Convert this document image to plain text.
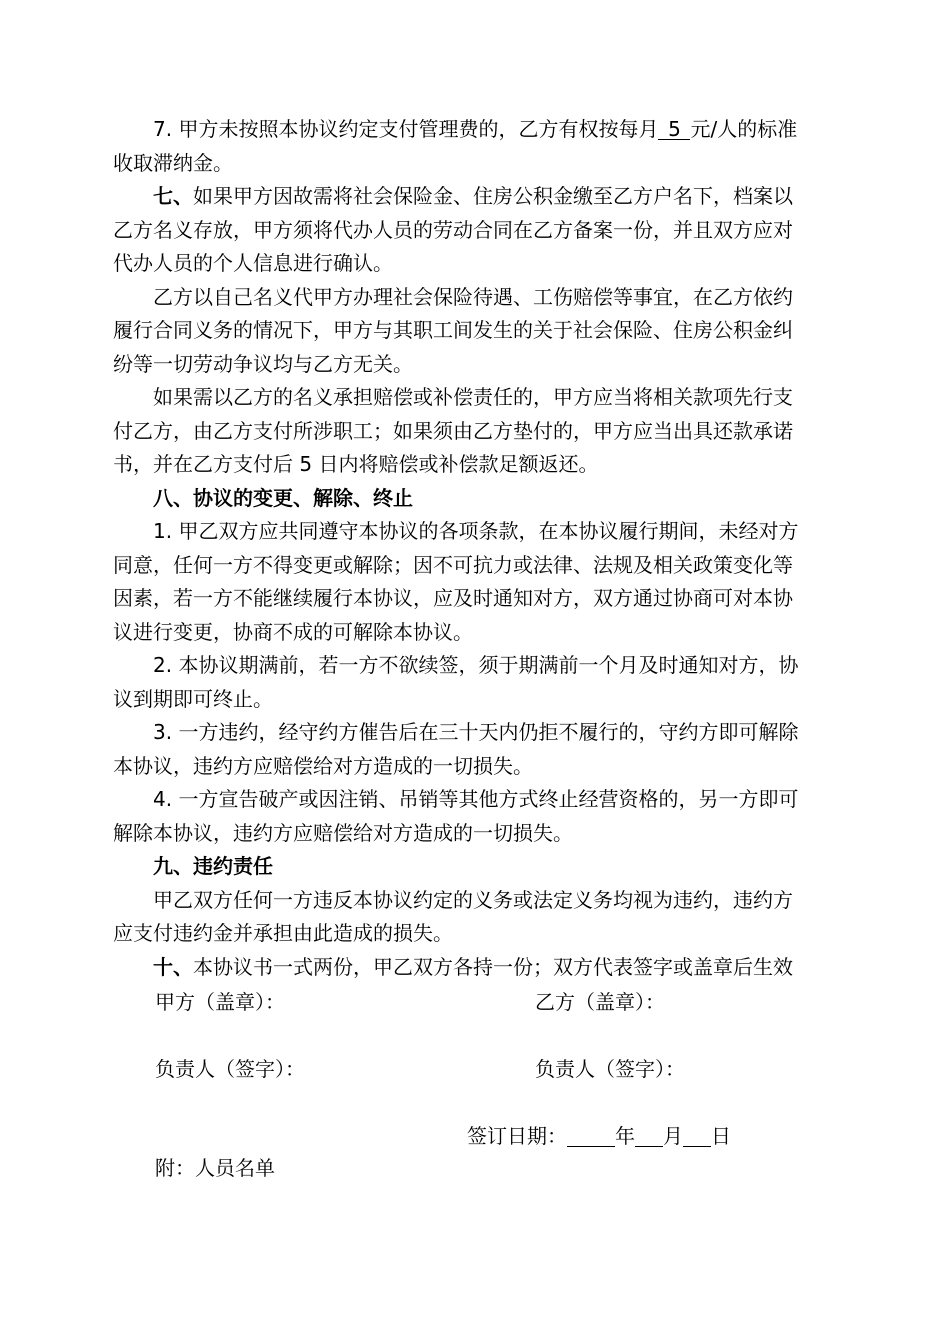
　　7. 甲方未按照本协议约定支付管理费的，乙方有权按每月 5 元/人的标准
收取滞纳金。
　　七、如果甲方因故需将社会保险金、住房公积金缴至乙方户名下，档案以
乙方名义存放，甲方须将代办人员的劳动合同在乙方备案一份，并且双方应对
代办人员的个人信息进行确认。
　　乙方以自己名义代甲方办理社会保险待遇、工伤赔偿等事宜，在乙方依约
履行合同义务的情况下，甲方与其职工间发生的关于社会保险、住房公积金纠
纷等一切劳动争议均与乙方无关。
　　如果需以乙方的名义承担赔偿或补偿责任的，甲方应当将相关款项先行支
付乙方，由乙方支付所涉职工；如果须由乙方垫付的，甲方应当出具还款承诺
书，并在乙方支付后 5 日内将赔偿或补偿款足额返还。
　　八、协议的变更、解除、终止
　　1. 甲乙双方应共同遵守本协议的各项条款，在本协议履行期间，未经对方
同意，任何一方不得变更或解除；因不可抗力或法律、法规及相关政策变化等
因素，若一方不能继续履行本协议，应及时通知对方，双方通过协商可对本协
议进行变更，协商不成的可解除本协议。
　　2. 本协议期满前，若一方不欲续签，须于期满前一个月及时通知对方，协
议到期即可终止。
　　3. 一方违约，经守约方催告后在三十天内仍拒不履行的，守约方即可解除
本协议，违约方应赔偿给对方造成的一切损失。
　　4. 一方宣告破产或因注销、吊销等其他方式终止经营资格的，另一方即可
解除本协议，违约方应赔偿给对方造成的一切损失。
　　九、违约责任
　　甲乙双方任何一方违反本协议约定的义务或法定义务均视为违约，违约方
应支付违约金并承担由此造成的损失。
　　十、本协议书一式两份，甲乙双方各持一份；双方代表签字或盖章后生效
甲方（盖章）：	乙方（盖章）：
负责人（签字）：	负责人（签字）：
签订日期： 年 月 日
附：人员名单
